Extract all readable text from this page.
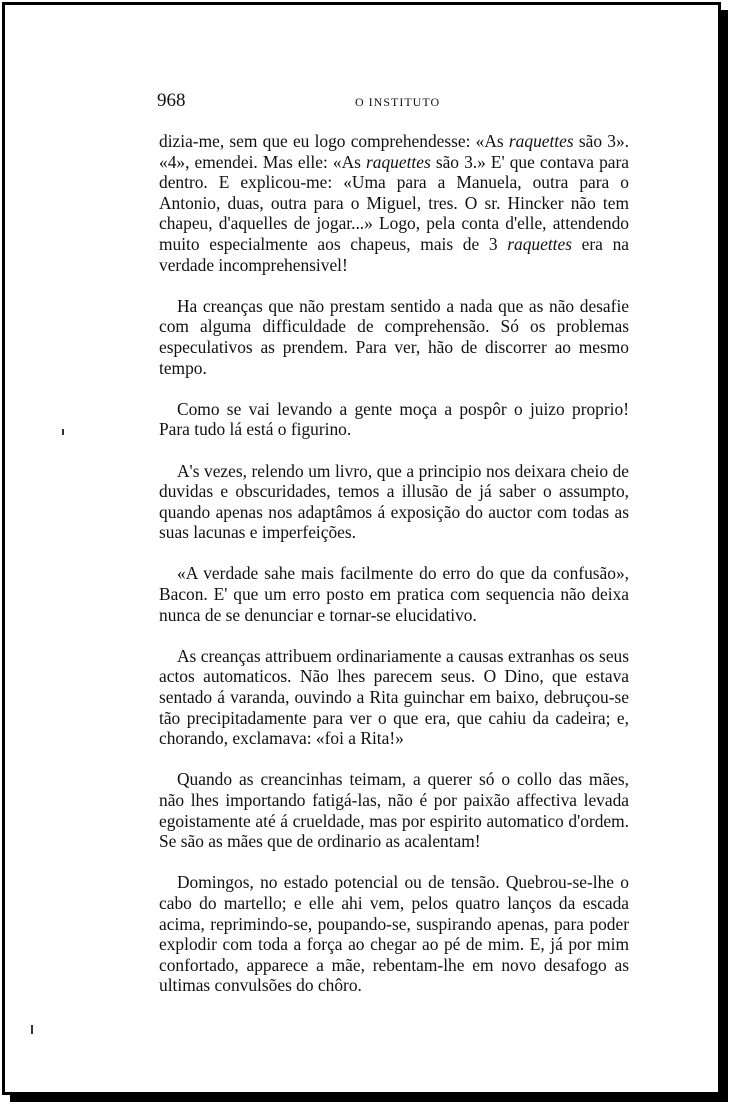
968	O INSTITUTO

dizia-me, sem que eu logo comprehendesse: «As raquettes são 3». «4», emendei. Mas elle: «As raquettes são 3.» E' que contava para dentro. E explicou-me: «Uma para a Manuela, outra para o Antonio, duas, outra para o Miguel, tres. O sr. Hincker não tem chapeu, d'aquelles de jogar...» Logo, pela conta d'elle, attendendo muito especialmente aos chapeus, mais de 3 raquettes era na verdade incomprehensivel!

Ha creanças que não prestam sentido a nada que as não desafie com alguma difficuldade de comprehensão. Só os problemas especulativos as prendem. Para ver, hão de discorrer ao mesmo tempo.

Como se vai levando a gente moça a pospôr o juizo proprio! Para tudo lá está o figurino.

A's vezes, relendo um livro, que a principio nos deixara cheio de duvidas e obscuridades, temos a illusão de já saber o assumpto, quando apenas nos adaptâmos á exposição do auctor com todas as suas lacunas e imperfeições.

«A verdade sahe mais facilmente do erro do que da confusão», Bacon. E' que um erro posto em pratica com sequencia não deixa nunca de se denunciar e tornar-se elucidativo.

As creanças attribuem ordinariamente a causas extranhas os seus actos automaticos. Não lhes parecem seus. O Dino, que estava sentado á varanda, ouvindo a Rita guinchar em baixo, debruçou-se tão precipitadamente para ver o que era, que cahiu da cadeira; e, chorando, exclamava: «foi a Rita!»

Quando as creancinhas teimam, a querer só o collo das mães, não lhes importando fatigá-las, não é por paixão affectiva levada egoistamente até á crueldade, mas por espirito automatico d'ordem. Se são as mães que de ordinario as acalentam!

Domingos, no estado potencial ou de tensão. Quebrou-se-lhe o cabo do martello; e elle ahi vem, pelos quatro lanços da escada acima, reprimindo-se, poupando-se, suspirando apenas, para poder explodir com toda a força ao chegar ao pé de mim. E, já por mim confortado, apparece a mãe, rebentam-lhe em novo desafogo as ultimas convulsões do chôro.
